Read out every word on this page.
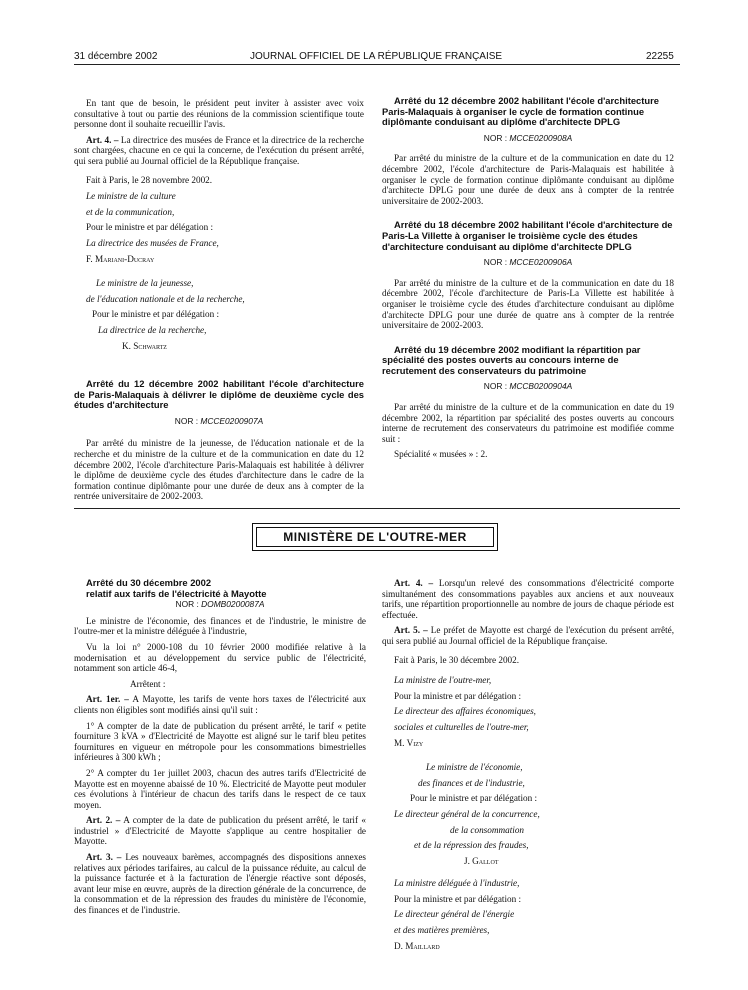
31 décembre 2002	JOURNAL OFFICIEL DE LA RÉPUBLIQUE FRANÇAISE	22255

En tant que de besoin, le président peut inviter à assister avec voix consultative à tout ou partie des réunions de la commission scientifique toute personne dont il souhaite recueillir l'avis.

Art. 4. – La directrice des musées de France et la directrice de la recherche sont chargées, chacune en ce qui la concerne, de l'exécution du présent arrêté, qui sera publié au Journal officiel de la République française.

Fait à Paris, le 28 novembre 2002.

Le ministre de la culture

et de la communication,

Pour le ministre et par délégation :

La directrice des musées de France,

F. Mariani-Ducray

Le ministre de la jeunesse,

de l'éducation nationale et de la recherche,

Pour le ministre et par délégation :

La directrice de la recherche,

K. Schwartz

Arrêté du 12 décembre 2002 habilitant l'école d'architecture de Paris-Malaquais à délivrer le diplôme de deuxième cycle des études d'architecture

NOR : MCCE0200907A

Par arrêté du ministre de la jeunesse, de l'éducation nationale et de la recherche et du ministre de la culture et de la communication en date du 12 décembre 2002, l'école d'architecture Paris-Malaquais est habilitée à délivrer le diplôme de deuxième cycle des études d'architecture dans le cadre de la formation continue diplômante pour une durée de deux ans à compter de la rentrée universitaire de 2002-2003.

Arrêté du 12 décembre 2002 habilitant l'école d'architecture Paris-Malaquais à organiser le cycle de formation continue diplômante conduisant au diplôme d'architecte DPLG

NOR : MCCE0200908A

Par arrêté du ministre de la culture et de la communication en date du 12 décembre 2002, l'école d'architecture de Paris-Malaquais est habilitée à organiser le cycle de formation continue diplômante conduisant au diplôme d'architecte DPLG pour une durée de deux ans à compter de la rentrée universitaire de 2002-2003.

Arrêté du 18 décembre 2002 habilitant l'école d'architecture de Paris-La Villette à organiser le troisième cycle des études d'architecture conduisant au diplôme d'architecte DPLG

NOR : MCCE0200906A

Par arrêté du ministre de la culture et de la communication en date du 18 décembre 2002, l'école d'architecture de Paris-La Villette est habilitée à organiser le troisième cycle des études d'architecture conduisant au diplôme d'architecte DPLG pour une durée de quatre ans à compter de la rentrée universitaire de 2002-2003.

Arrêté du 19 décembre 2002 modifiant la répartition par spécialité des postes ouverts au concours interne de recrutement des conservateurs du patrimoine

NOR : MCCB0200904A

Par arrêté du ministre de la culture et de la communication en date du 19 décembre 2002, la répartition par spécialité des postes ouverts au concours interne de recrutement des conservateurs du patrimoine est modifiée comme suit :

Spécialité « musées » : 2.

MINISTÈRE DE L'OUTRE-MER

Arrêté du 30 décembre 2002

relatif aux tarifs de l'électricité à Mayotte

NOR : DOMB0200087A

Le ministre de l'économie, des finances et de l'industrie, le ministre de l'outre-mer et la ministre déléguée à l'industrie,

Vu la loi n° 2000-108 du 10 février 2000 modifiée relative à la modernisation et au développement du service public de l'électricité, notamment son article 46-4,

Arrêtent :

Art. 1er. – A Mayotte, les tarifs de vente hors taxes de l'électricité aux clients non éligibles sont modifiés ainsi qu'il suit :

1° A compter de la date de publication du présent arrêté, le tarif « petite fourniture 3 kVA » d'Electricité de Mayotte est aligné sur le tarif bleu petites fournitures en vigueur en métropole pour les consommations bimestrielles inférieures à 300 kWh ;

2° A compter du 1er juillet 2003, chacun des autres tarifs d'Electricité de Mayotte est en moyenne abaissé de 10 %. Electricité de Mayotte peut moduler ces évolutions à l'intérieur de chacun des tarifs dans le respect de ce taux moyen.

Art. 2. – A compter de la date de publication du présent arrêté, le tarif « industriel » d'Electricité de Mayotte s'applique au centre hospitalier de Mayotte.

Art. 3. – Les nouveaux barèmes, accompagnés des dispositions annexes relatives aux périodes tarifaires, au calcul de la puissance réduite, au calcul de la puissance facturée et à la facturation de l'énergie réactive sont déposés, avant leur mise en œuvre, auprès de la direction générale de la concurrence, de la consommation et de la répression des fraudes du ministère de l'économie, des finances et de l'industrie.

Art. 4. – Lorsqu'un relevé des consommations d'électricité comporte simultanément des consommations payables aux anciens et aux nouveaux tarifs, une répartition proportionnelle au nombre de jours de chaque période est effectuée.

Art. 5. – Le préfet de Mayotte est chargé de l'exécution du présent arrêté, qui sera publié au Journal officiel de la République française.

Fait à Paris, le 30 décembre 2002.

La ministre de l'outre-mer,

Pour la ministre et par délégation :

Le directeur des affaires économiques,

sociales et culturelles de l'outre-mer,

M. Vizy

Le ministre de l'économie,

des finances et de l'industrie,

Pour le ministre et par délégation :

Le directeur général de la concurrence,

de la consommation

et de la répression des fraudes,

J. Gallot

La ministre déléguée à l'industrie,

Pour la ministre et par délégation :

Le directeur général de l'énergie

et des matières premières,

D. Maillard
